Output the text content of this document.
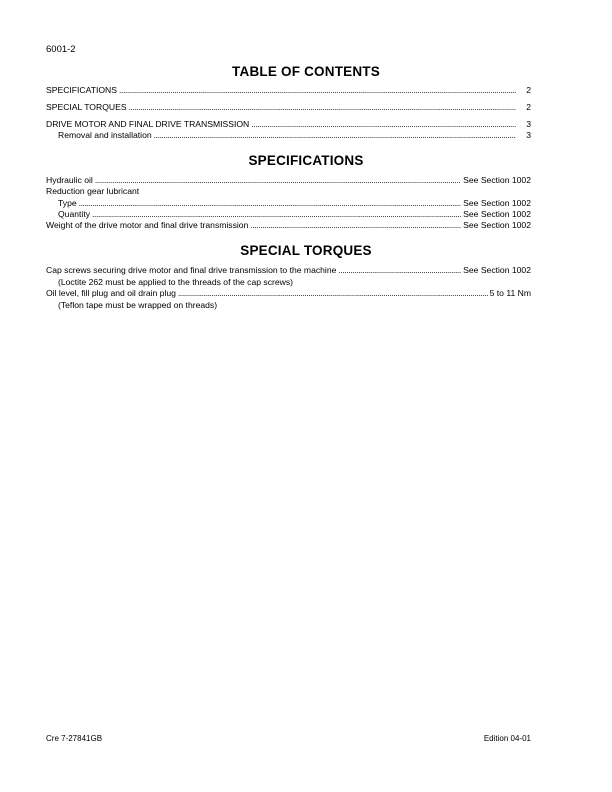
6001-2
TABLE OF CONTENTS
SPECIFICATIONS . . .	2
SPECIAL TORQUES . . .	2
DRIVE MOTOR AND FINAL DRIVE TRANSMISSION . . .	3
Removal and installation . . .	3
SPECIFICATIONS
Hydraulic oil . . .	See Section 1002
Reduction gear lubricant
Type . . .	See Section 1002
Quantity . . .	See Section 1002
Weight of the drive motor and final drive transmission . . .	See Section 1002
SPECIAL TORQUES
Cap screws securing drive motor and final drive transmission to the machine . . .	See Section 1002
(Loctite 262 must be applied to the threads of the cap screws)
Oil level, fill plug and oil drain plug . . .	5 to 11 Nm
(Teflon tape must be wrapped on threads)
Cre 7-27841GB	Edition 04-01
